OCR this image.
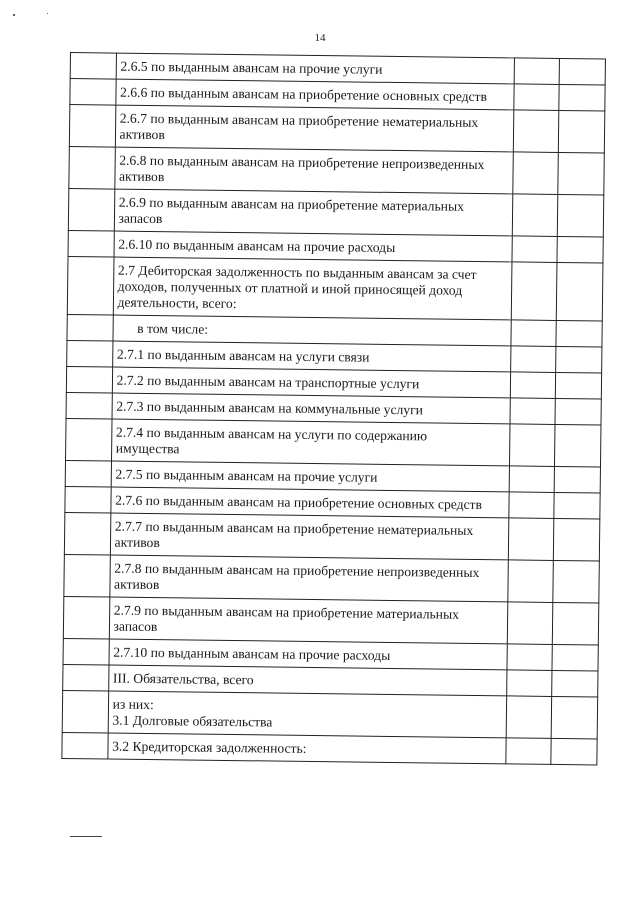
14

	2.6.5 по выданным авансам на прочие услуги		

	2.6.6 по выданным авансам на приобретение основных средств		

	2.6.7 по выданным авансам на приобретение нематериальных
активов		

	2.6.8 по выданным авансам на приобретение непроизведенных
активов		

	2.6.9 по выданным авансам на приобретение материальных
запасов		

	2.6.10 по выданным авансам на прочие расходы		

	2.7 Дебиторская задолженность по выданным авансам за счет
доходов, полученных от платной и иной приносящей доход
деятельности, всего:		

	в том числе:		

	2.7.1 по выданным авансам на услуги связи		

	2.7.2 по выданным авансам на транспортные услуги		

	2.7.3 по выданным авансам на коммунальные услуги		

	2.7.4 по выданным авансам на услуги по содержанию
имущества		

	2.7.5 по выданным авансам на прочие услуги		

	2.7.6 по выданным авансам на приобретение основных средств		

	2.7.7 по выданным авансам на приобретение нематериальных
активов		

	2.7.8 по выданным авансам на приобретение непроизведенных
активов		

	2.7.9 по выданным авансам на приобретение материальных
запасов		

	2.7.10 по выданным авансам на прочие расходы		

	III. Обязательства, всего		

	из них:
3.1 Долговые обязательства		

	3.2 Кредиторская задолженность:		
